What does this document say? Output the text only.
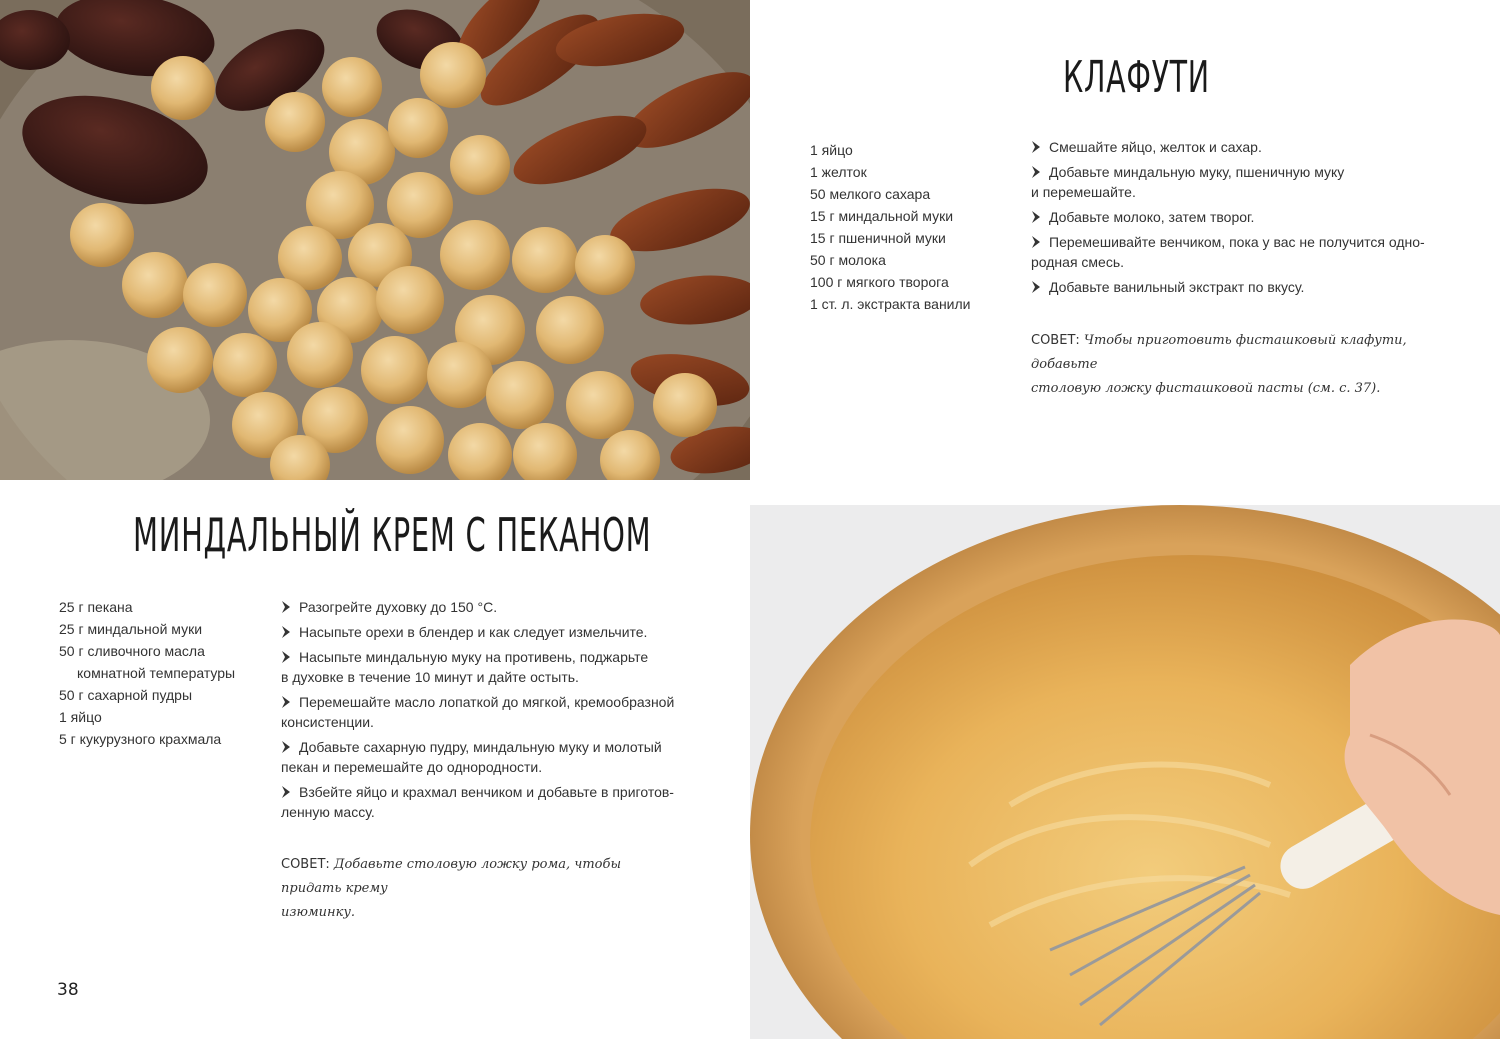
КЛАФУТИ
1 яйцо
1 желток
50 мелкого сахара
15 г миндальной муки
15 г пшеничной муки
50 г молока
100 г мягкого творога
1 ст. л. экстракта ванили
Смешайте яйцо, желток и сахар.

Добавьте миндальную муку, пшеничную муку
и перемешайте.
Добавьте молоко, затем творог.

Перемешивайте венчиком, пока у вас не получится одно-
родная смесь.
Добавьте ванильный экстракт по вкусу.

СОВЕТ: Чтобы приготовить фисташковый клафути, добавьте
столовую ложку фисташковой пасты (см. с. 37).
МИНДАЛЬНЫЙ КРЕМ С ПЕКАНОМ
25 г пекана
25 г миндальной муки
50 г сливочного масла
комнатной температуры
50 г сахарной пудры
1 яйцо
5 г кукурузного крахмала
Разогрейте духовку до 150 °С.

Насыпьте орехи в блендер и как следует измельчите.

Насыпьте миндальную муку на противень, поджарьте
в духовке в течение 10 минут и дайте остыть.
Перемешайте масло лопаткой до мягкой, кремообразной
консистенции.
Добавьте сахарную пудру, миндальную муку и молотый
пекан и перемешайте до однородности.
Взбейте яйцо и крахмал венчиком и добавьте в приготов-
ленную массу.
СОВЕТ: Добавьте столовую ложку рома, чтобы придать крему
изюминку.
38
